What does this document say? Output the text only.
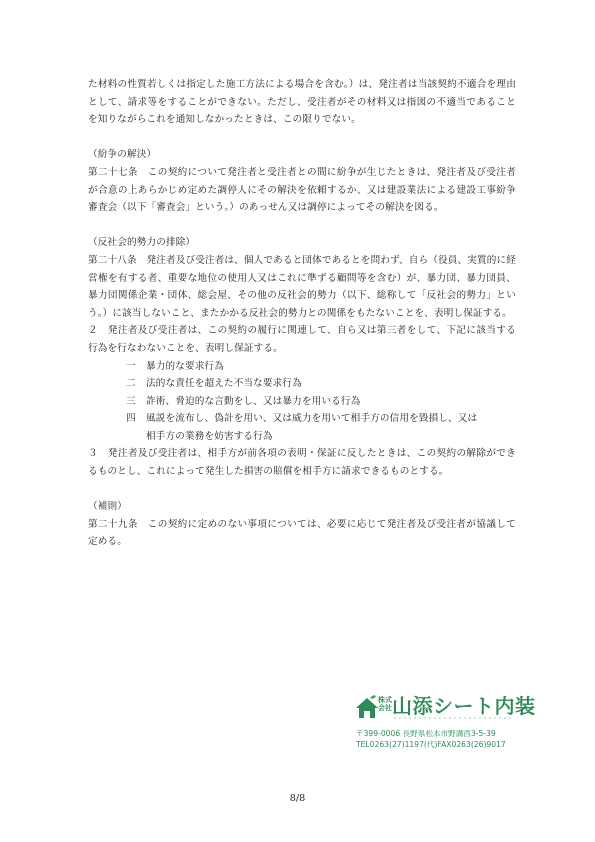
た材料の性質若しくは指定した施工方法による場合を含む。）は、発注者は当該契約不適合を理由として、請求等をすることができない。ただし、受注者がその材料又は指図の不適当であることを知りながらこれを通知しなかったときは、この限りでない。

（紛争の解決）

第二十七条　この契約について発注者と受注者との間に紛争が生じたときは、発注者及び受注者が合意の上あらかじめ定めた調停人にその解決を依頼するか、又は建設業法による建設工事紛争審査会（以下「審査会」という。）のあっせん又は調停によってその解決を図る。

（反社会的勢力の排除）

第二十八条　発注者及び受注者は、個人であると団体であるとを問わず、自ら（役員、実質的に経営権を有する者、重要な地位の使用人又はこれに準ずる顧問等を含む）が、暴力団、暴力団員、暴力団関係企業・団体、総会屋、その他の反社会的勢力（以下、総称して「反社会的勢力」という。）に該当しないこと、またかかる反社会的勢力との関係をもたないことを、表明し保証する。

２　発注者及び受注者は、この契約の履行に関連して、自ら又は第三者をして、下記に該当する行為を行なわないことを、表明し保証する。

一 暴力的な要求行為
二 法的な責任を超えた不当な要求行為
三 詐術、脅迫的な言動をし、又は暴力を用いる行為
四 風説を流布し、偽計を用い、又は威力を用いて相手方の信用を毀損し、又は
相手方の業務を妨害する行為

３　発注者及び受注者は、相手方が前各項の表明・保証に反したときは、この契約の解除ができるものとし、これによって発生した損害の賠償を相手方に請求できるものとする。

（補則）

第二十九条　この契約に定めのない事項については、必要に応じて発注者及び受注者が協議して定める。

株式会社 山添シート内装
〒399-0006 長野県松本市野溝西3-5-39
TEL0263(27)1197(代)FAX0263(26)9017
8/8
